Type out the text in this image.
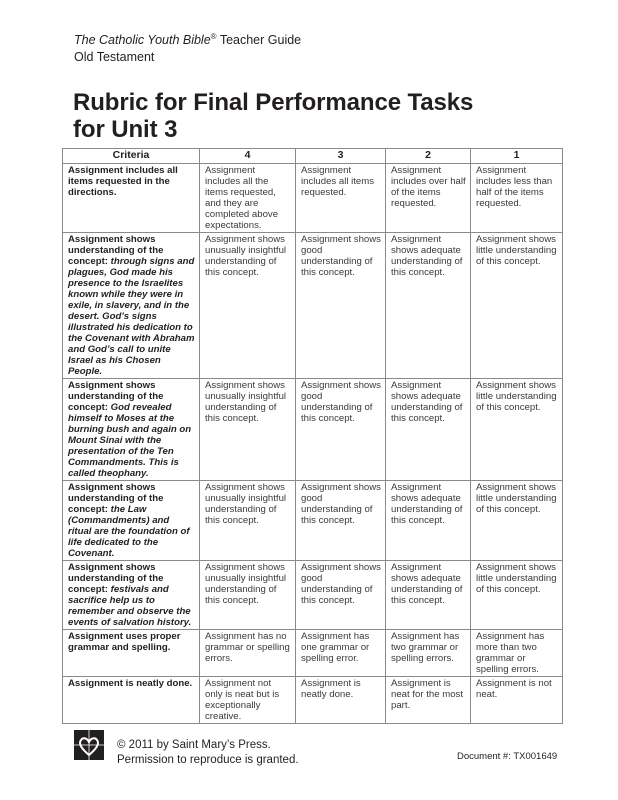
The Catholic Youth Bible® Teacher Guide
Old Testament
Rubric for Final Performance Tasks
for Unit 3
Criteria	4	3	2	1
Assignment includes all items requested in the directions.	Assignment includes all the items requested, and they are completed above expectations.	Assignment includes all items requested.	Assignment includes over half of the items requested.	Assignment includes less than half of the items requested.
Assignment shows understanding of the concept: through signs and plagues, God made his presence to the Israelites known while they were in exile, in slavery, and in the desert. God’s signs illustrated his dedication to the Covenant with Abraham and God’s call to unite Israel as his Chosen People.	Assignment shows unusually insightful understanding of this concept.	Assignment shows good understanding of this concept.	Assignment shows adequate understanding of this concept.	Assignment shows little understanding of this concept.
Assignment shows understanding of the concept: God revealed himself to Moses at the burning bush and again on Mount Sinai with the presentation of the Ten Commandments. This is called theophany.	Assignment shows unusually insightful understanding of this concept.	Assignment shows good understanding of this concept.	Assignment shows adequate understanding of this concept.	Assignment shows little understanding of this concept.
Assignment shows understanding of the concept: the Law (Commandments) and ritual are the foundation of life dedicated to the Covenant.	Assignment shows unusually insightful understanding of this concept.	Assignment shows good understanding of this concept.	Assignment shows adequate understanding of this concept.	Assignment shows little understanding of this concept.
Assignment shows understanding of the concept: festivals and sacrifice help us to remember and observe the events of salvation history.	Assignment shows unusually insightful understanding of this concept.	Assignment shows good understanding of this concept.	Assignment shows adequate understanding of this concept.	Assignment shows little understanding of this concept.
Assignment uses proper grammar and spelling.	Assignment has no grammar or spelling errors.	Assignment has one grammar or spelling error.	Assignment has two grammar or spelling errors.	Assignment has more than two grammar or spelling errors.
Assignment is neatly done.	Assignment not only is neat but is exceptionally creative.	Assignment is neatly done.	Assignment is neat for the most part.	Assignment is not neat.
© 2011 by Saint Mary’s Press.
Permission to reproduce is granted.	Document #: TX001649
